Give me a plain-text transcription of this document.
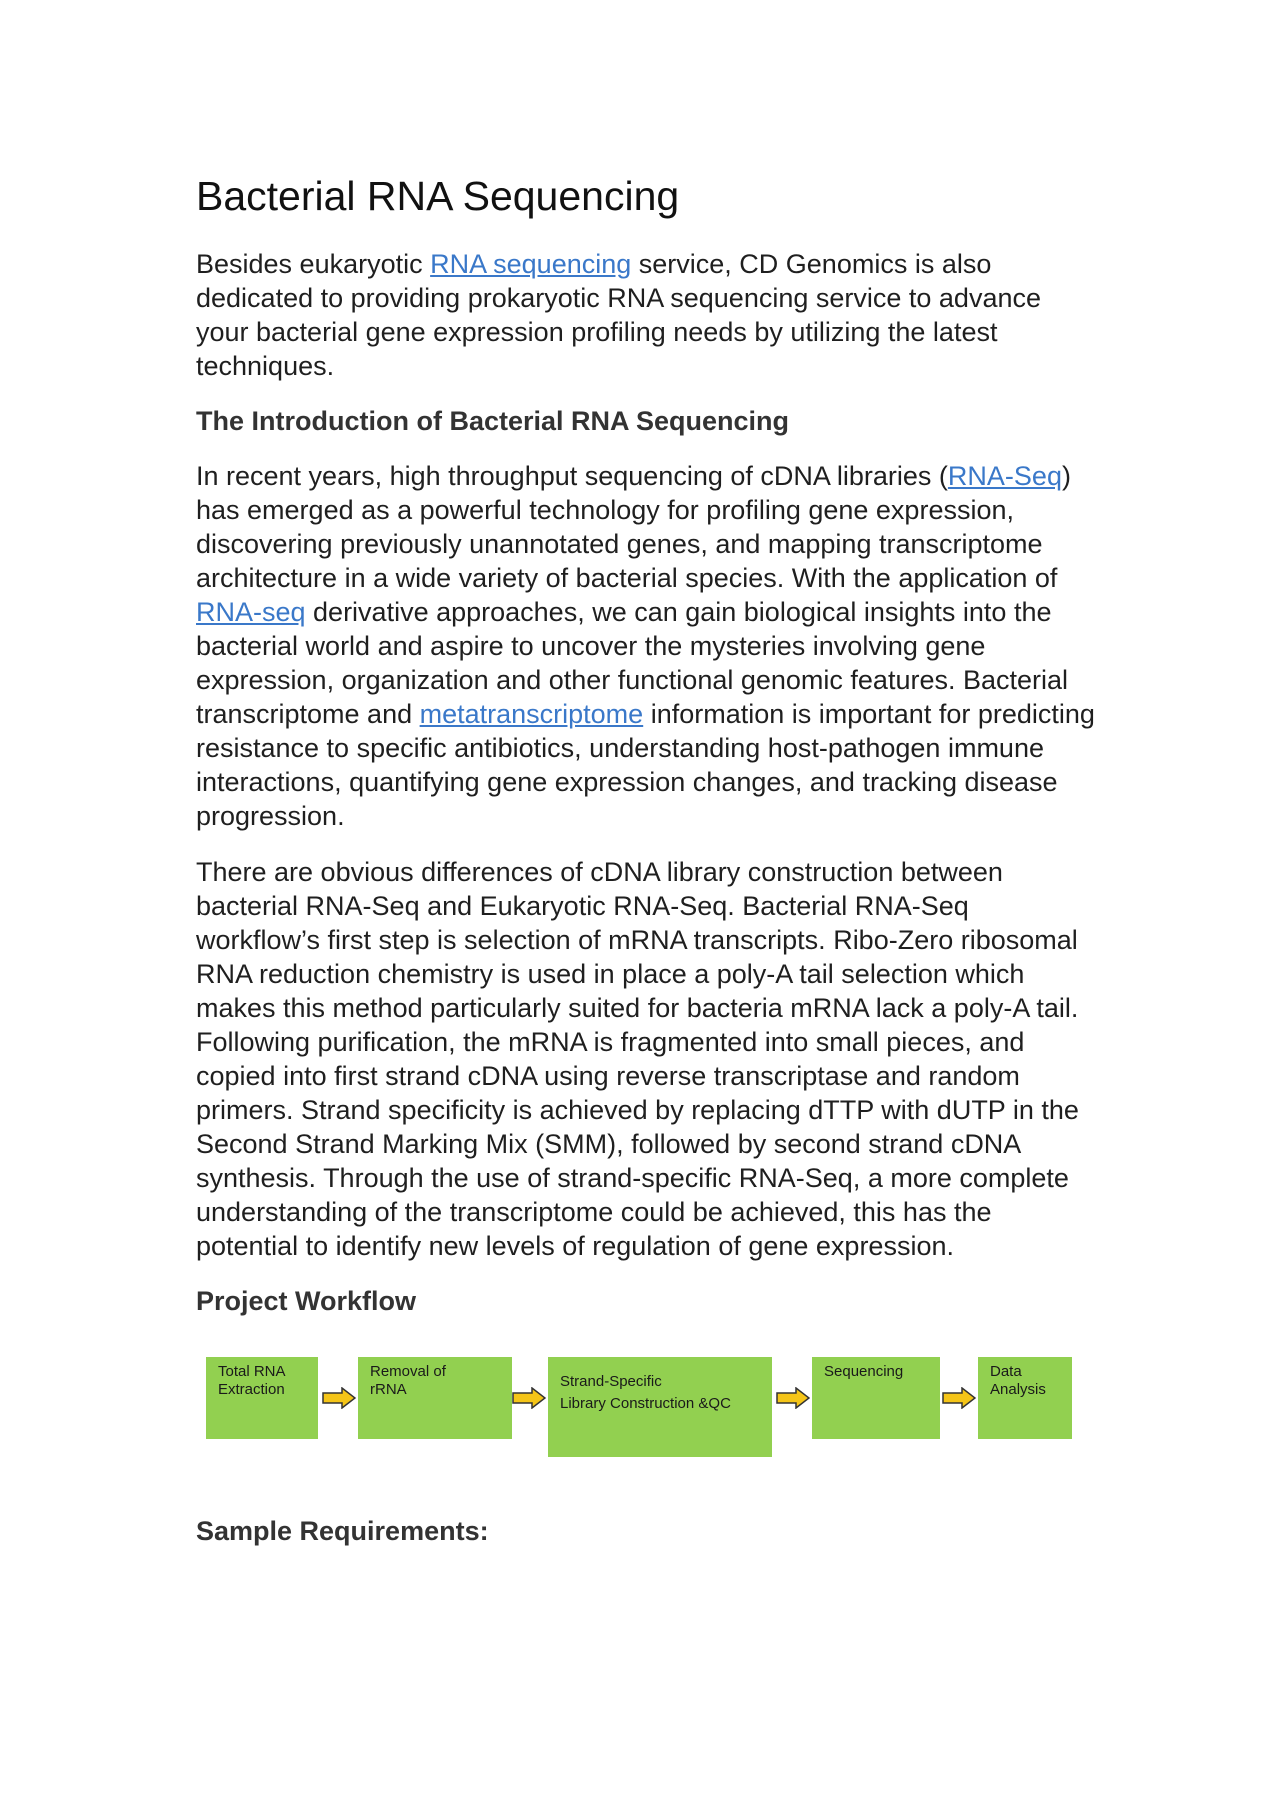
Bacterial RNA Sequencing

Besides eukaryotic RNA sequencing service, CD Genomics is also dedicated to providing prokaryotic RNA sequencing service to advance your bacterial gene expression profiling needs by utilizing the latest techniques.

The Introduction of Bacterial RNA Sequencing

In recent years, high throughput sequencing of cDNA libraries (RNA-Seq) has emerged as a powerful technology for profiling gene expression, discovering previously unannotated genes, and mapping transcriptome architecture in a wide variety of bacterial species. With the application of RNA-seq derivative approaches, we can gain biological insights into the bacterial world and aspire to uncover the mysteries involving gene expression, organization and other functional genomic features. Bacterial transcriptome and metatranscriptome information is important for predicting resistance to specific antibiotics, understanding host-pathogen immune interactions, quantifying gene expression changes, and tracking disease progression.

There are obvious differences of cDNA library construction between bacterial RNA-Seq and Eukaryotic RNA-Seq. Bacterial RNA-Seq workflow’s first step is selection of mRNA transcripts. Ribo-Zero ribosomal RNA reduction chemistry is used in place a poly-A tail selection which makes this method particularly suited for bacteria mRNA lack a poly-A tail. Following purification, the mRNA is fragmented into small pieces, and copied into first strand cDNA using reverse transcriptase and random primers. Strand specificity is achieved by replacing dTTP with dUTP in the Second Strand Marking Mix (SMM), followed by second strand cDNA synthesis. Through the use of strand-specific RNA-Seq, a more complete understanding of the transcriptome could be achieved, this has the potential to identify new levels of regulation of gene expression.

Project Workflow
Total RNA
Extraction
Removal of
rRNA	Strand-Specific
Library Construction &QC
Sequencing	Data
Analysis
Sample Requirements:
